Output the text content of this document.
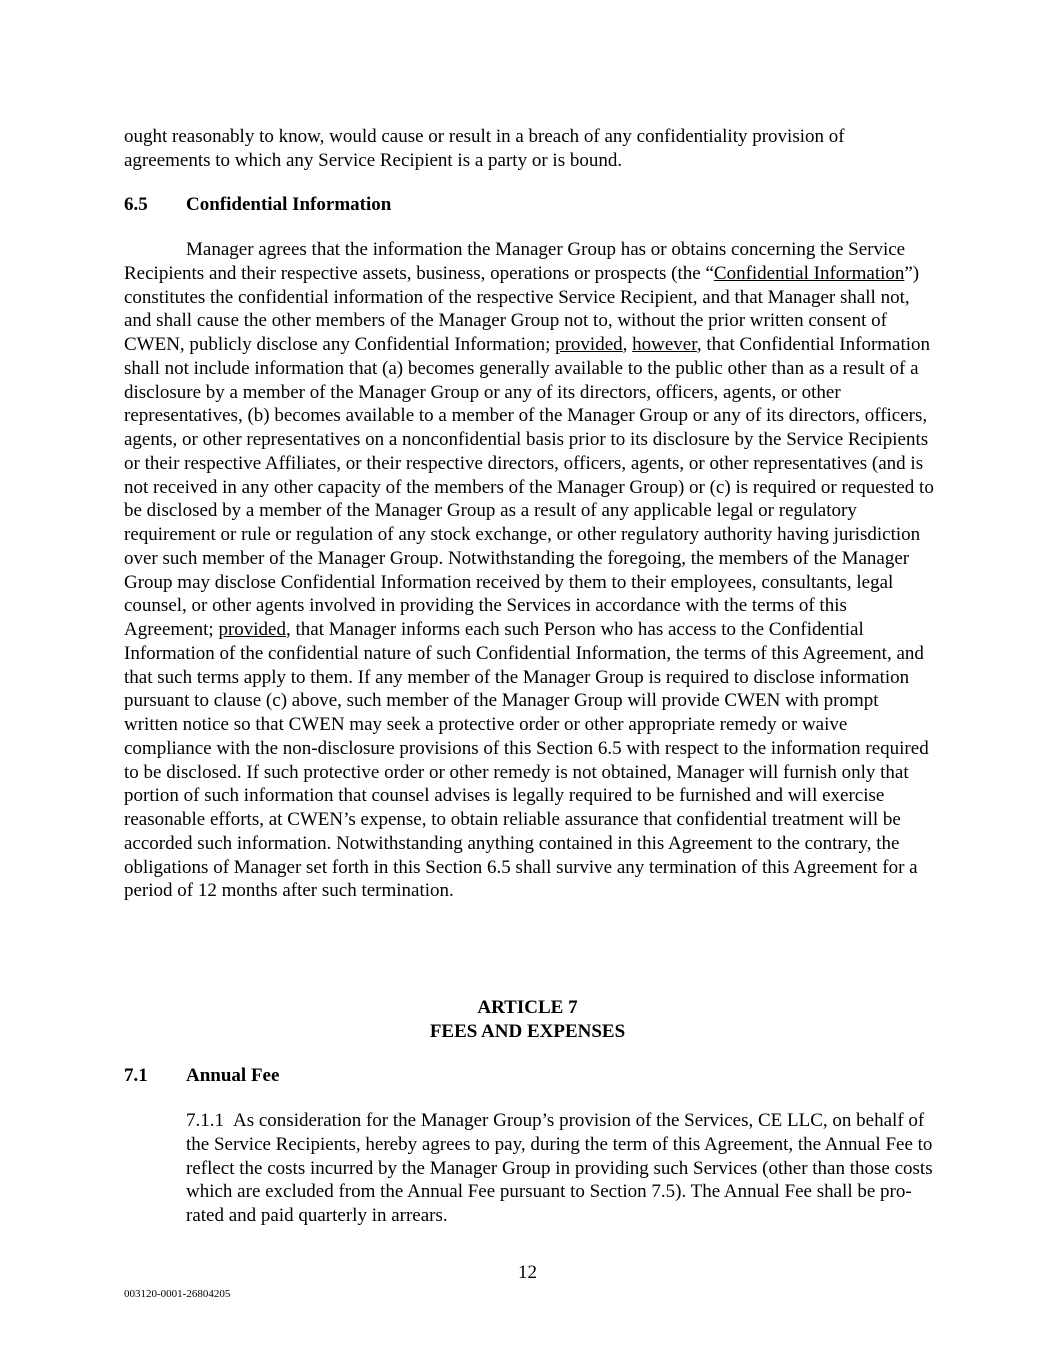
ought reasonably to know, would cause or result in a breach of any confidentiality provision of agreements to which any Service Recipient is a party or is bound.
6.5 Confidential Information
Manager agrees that the information the Manager Group has or obtains concerning the Service Recipients and their respective assets, business, operations or prospects (the “Confidential Information”) constitutes the confidential information of the respective Service Recipient, and that Manager shall not, and shall cause the other members of the Manager Group not to, without the prior written consent of CWEN, publicly disclose any Confidential Information; provided, however, that Confidential Information shall not include information that (a) becomes generally available to the public other than as a result of a disclosure by a member of the Manager Group or any of its directors, officers, agents, or other representatives, (b) becomes available to a member of the Manager Group or any of its directors, officers, agents, or other representatives on a nonconfidential basis prior to its disclosure by the Service Recipients or their respective Affiliates, or their respective directors, officers, agents, or other representatives (and is not received in any other capacity of the members of the Manager Group) or (c) is required or requested to be disclosed by a member of the Manager Group as a result of any applicable legal or regulatory requirement or rule or regulation of any stock exchange, or other regulatory authority having jurisdiction over such member of the Manager Group. Notwithstanding the foregoing, the members of the Manager Group may disclose Confidential Information received by them to their employees, consultants, legal counsel, or other agents involved in providing the Services in accordance with the terms of this Agreement; provided, that Manager informs each such Person who has access to the Confidential Information of the confidential nature of such Confidential Information, the terms of this Agreement, and that such terms apply to them. If any member of the Manager Group is required to disclose information pursuant to clause (c) above, such member of the Manager Group will provide CWEN with prompt written notice so that CWEN may seek a protective order or other appropriate remedy or waive compliance with the non-disclosure provisions of this Section 6.5 with respect to the information required to be disclosed. If such protective order or other remedy is not obtained, Manager will furnish only that portion of such information that counsel advises is legally required to be furnished and will exercise reasonable efforts, at CWEN’s expense, to obtain reliable assurance that confidential treatment will be accorded such information. Notwithstanding anything contained in this Agreement to the contrary, the obligations of Manager set forth in this Section 6.5 shall survive any termination of this Agreement for a period of 12 months after such termination.
ARTICLE 7
FEES AND EXPENSES
7.1 Annual Fee
7.1.1 As consideration for the Manager Group’s provision of the Services, CE LLC, on behalf of the Service Recipients, hereby agrees to pay, during the term of this Agreement, the Annual Fee to reflect the costs incurred by the Manager Group in providing such Services (other than those costs which are excluded from the Annual Fee pursuant to Section 7.5). The Annual Fee shall be pro-rated and paid quarterly in arrears.
12
003120-0001-26804205
